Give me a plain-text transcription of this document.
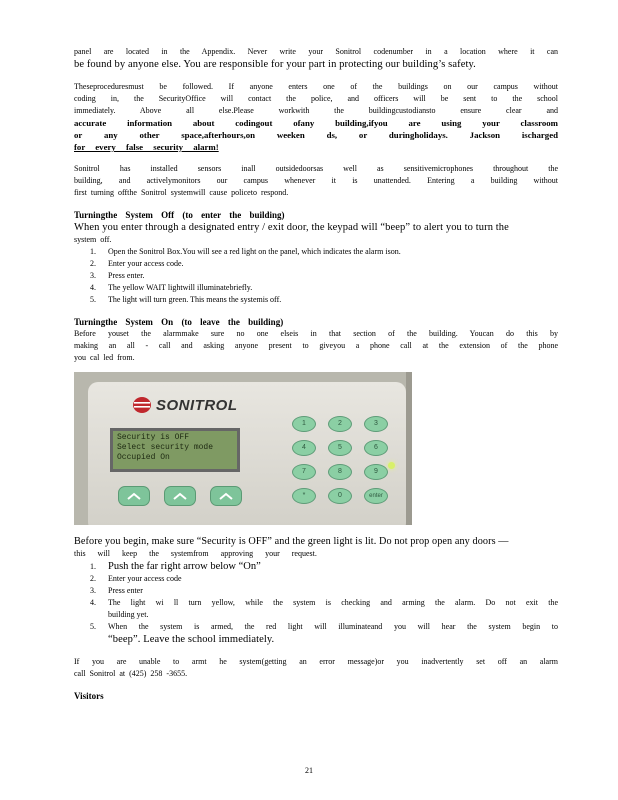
panel are located in the Appendix. Never write your Sonitrol codenumber in a location where it can
be found by anyone else. You are responsible for your part in protecting our building’s safety.
Theseproceduresmust be followed. If anyone enters one of the buildings on our campus without
coding in, the SecurityOffice will contact the police, and officers will be sent to the school
immediately. Above all else.Please workwith the buildingcustodiansto ensure clear and
accurate information about codingout ofany building,ifyou are using your classroom
or any other space,afterhours,on weeken ds, or duringholidays. Jackson ischarged
for every false security alarm!
Sonitrol has installed sensors inall outsidedoorsas well as sensitivemicrophones throughout the
building, and activelymonitors our campus whenever it is unattended. Entering a building without
first turning offthe Sonitrol systemwill cause policeto respond.
Turningthe System Off (to enter the building)
When you enter through a designated entry / exit door, the keypad will “beep” to alert you to turn the
system off.
1. Open the Sonitrol Box.You will see a red light on the panel, which indicates the alarm ison.
2. Enter your access code.
3. Press enter.
4. The yellow WAIT lightwill illuminatebriefly.
5. The light will turn green. This means the systemis off.
Turningthe System On (to leave the building)
Before youset the alarmmake sure no one elseis in that section of the building. Youcan do this by
making an all - call and asking anyone present to giveyou a phone call at the extension of the phone
you cal led from.
SONITROL
Security is OFF
Select security mode
Occupied On
1	2	3
4	5	6
7	8	9
*	0	enter
Before you begin, make sure “Security is OFF” and the green light is lit. Do not prop open any doors —
this will keep the systemfrom approving your request.
1. Push the far right arrow below “On”
2. Enter your access code
3. Press enter
4. The light wi ll turn yellow, while the system is checking and arming the alarm. Do not exit the
building yet.
5. When the system is armed, the red light will illuminateand you will hear the system begin to
“beep”. Leave the school immediately.
If you are unable to armt he system(getting an error message)or you inadvertently set off an alarm
call Sonitrol at (425) 258 -3655.
Visitors
21
